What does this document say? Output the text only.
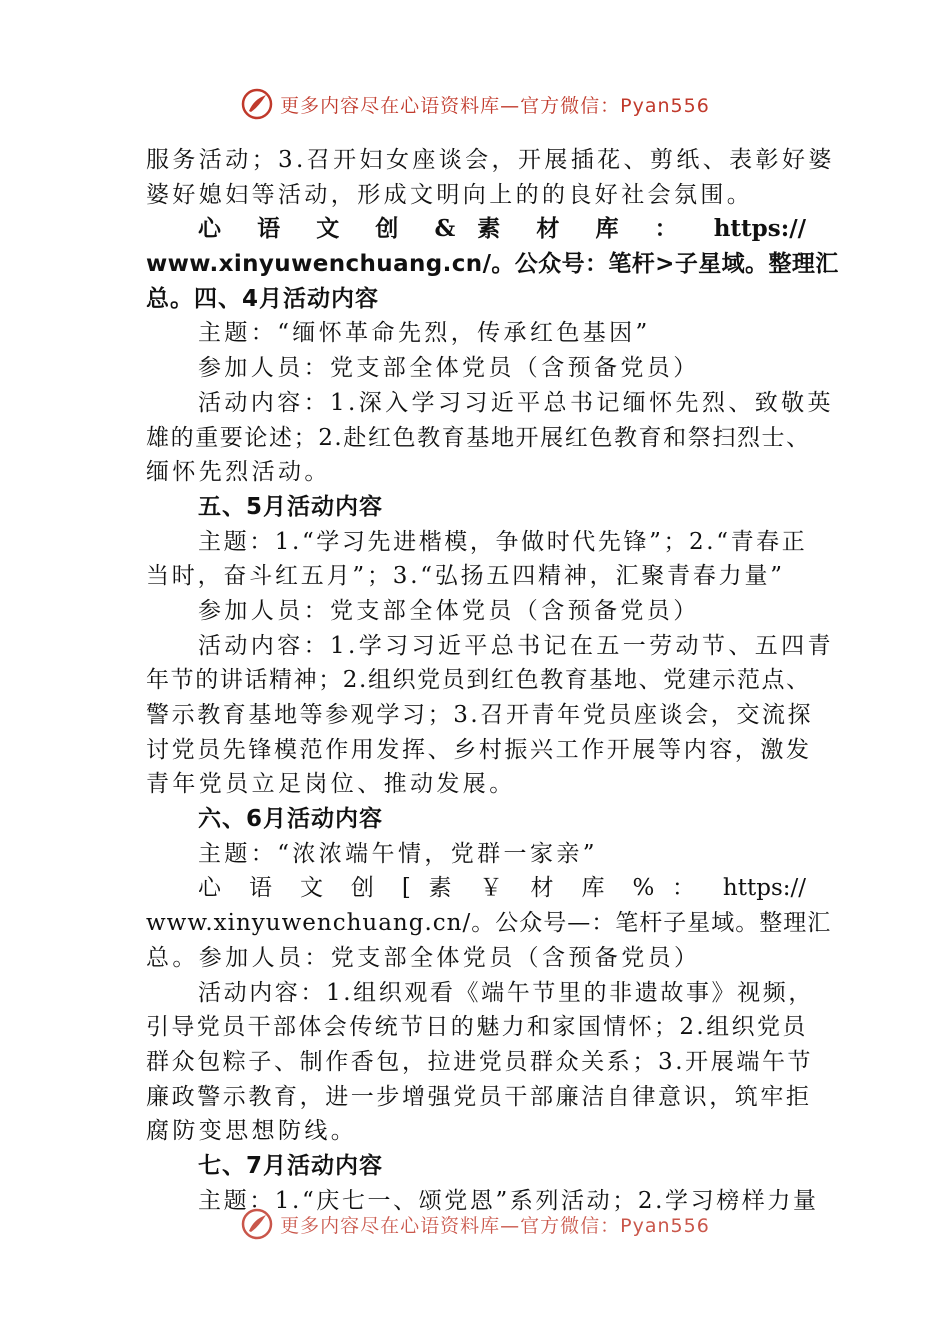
更多内容尽在心语资料库—官方微信：Pyan556
服务活动；3.召开妇女座谈会，开展插花、剪纸、表彰好婆
婆好媳妇等活动，形成文明向上的的良好社会氛围。
心 语 文 创 & 素 材 库 ： https://
www.xinyuwenchuang.cn/。公众号：笔杆>子星域。整理汇
总。四、4月活动内容
主题：“缅怀革命先烈，传承红色基因”
参加人员：党支部全体党员（含预备党员）
活动内容：1.深入学习习近平总书记缅怀先烈、致敬英
雄的重要论述；2.赴红色教育基地开展红色教育和祭扫烈士、
缅怀先烈活动。
五、5月活动内容
主题：1.“学习先进楷模，争做时代先锋”；2.“青春正
当时，奋斗红五月”；3.“弘扬五四精神，汇聚青春力量”
参加人员：党支部全体党员（含预备党员）
活动内容：1.学习习近平总书记在五一劳动节、五四青
年节的讲话精神；2.组织党员到红色教育基地、党建示范点、
警示教育基地等参观学习；3.召开青年党员座谈会，交流探
讨党员先锋模范作用发挥、乡村振兴工作开展等内容，激发
青年党员立足岗位、推动发展。
六、6月活动内容
主题：“浓浓端午情，党群一家亲”
心 语 文 创 [ 素 ￥ 材 库 % ： https://
www.xinyuwenchuang.cn/。公众号—：笔杆子星域。整理汇
总。参加人员：党支部全体党员（含预备党员）
活动内容：1.组织观看《端午节里的非遗故事》视频，
引导党员干部体会传统节日的魅力和家国情怀；2.组织党员
群众包粽子、制作香包，拉进党员群众关系；3.开展端午节
廉政警示教育，进一步增强党员干部廉洁自律意识，筑牢拒
腐防变思想防线。
七、7月活动内容
主题：1.“庆七一、颂党恩”系列活动；2.学习榜样力量
更多内容尽在心语资料库—官方微信：Pyan556
